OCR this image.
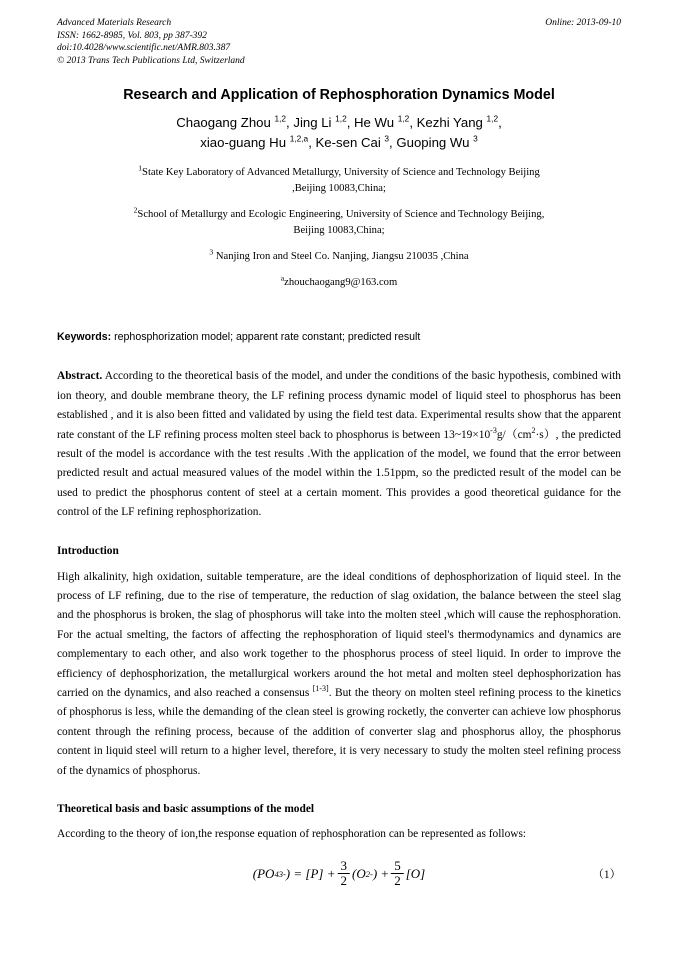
Advanced Materials Research
ISSN: 1662-8985, Vol. 803, pp 387-392
doi:10.4028/www.scientific.net/AMR.803.387
© 2013 Trans Tech Publications Ltd, Switzerland
Online: 2013-09-10
Research and Application of Rephosphoration Dynamics Model
Chaogang Zhou $^{1,2}$, Jing Li $^{1,2}$, He Wu $^{1,2}$, Kezhi Yang $^{1,2}$,
xiao-guang Hu $^{1,2,a}$, Ke-sen Cai $^3$, Guoping Wu $^3$
$^1$State Key Laboratory of Advanced Metallurgy, University of Science and Technology Beijing
,Beijing 10083,China;
$^2$School of Metallurgy and Ecologic Engineering, University of Science and Technology Beijing,
Beijing 10083,China;
$^3$ Nanjing Iron and Steel Co. Nanjing, Jiangsu 210035 ,China
$^a$zhouchaogang9@163.com
Keywords: rephosphorization model; apparent rate constant; predicted result
Abstract. According to the theoretical basis of the model, and under the conditions of the basic hypothesis, combined with ion theory, and double membrane theory, the LF refining process dynamic model of liquid steel to phosphorus has been established , and it is also been fitted and validated by using the field test data. Experimental results show that the apparent rate constant of the LF refining process molten steel back to phosphorus is between $13\sim 19\times 10^{-3}g/(cm^2\cdot s)$, the predicted result of the model is accordance with the test results .With the application of the model, we found that the error between predicted result and actual measured values of the model within the 1.51ppm, so the predicted result of the model can be used to predict the phosphorus content of steel at a certain moment. This provides a good theoretical guidance for the control of the LF refining rephosphorization.
Introduction
High alkalinity, high oxidation, suitable temperature, are the ideal conditions of dephosphorization of liquid steel. In the process of LF refining, due to the rise of temperature, the reduction of slag oxidation, the balance between the steel slag and the phosphorus is broken, the slag of phosphorus will take into the molten steel ,which will cause the rephosphoration. For the actual smelting, the factors of affecting the rephosphoration of liquid steel's thermodynamics and dynamics are complementary to each other, and also work together to the phosphorus process of steel liquid. In order to improve the efficiency of dephosphorization, the metallurgical workers around the hot metal and molten steel dephosphorization has carried on the dynamics, and also reached a consensus [1-3]. But the theory on molten steel refining process to the kinetics of phosphorus is less, while the demanding of the clean steel is growing rocketly, the converter can achieve low phosphorus content through the refining process, because of the addition of converter slag and phosphorus alloy, the phosphorus content in liquid steel will return to a higher level, therefore, it is very necessary to study the molten steel refining process of the dynamics of phosphorus.
Theoretical basis and basic assumptions of the model
According to the theory of ion,the response equation of rephosphoration can be represented as follows:
( PO 4 3- ) = [ P ] + $\frac{3}{2}$ ( O 2- ) + $\frac{5}{2}$ [ O ]	（1）
